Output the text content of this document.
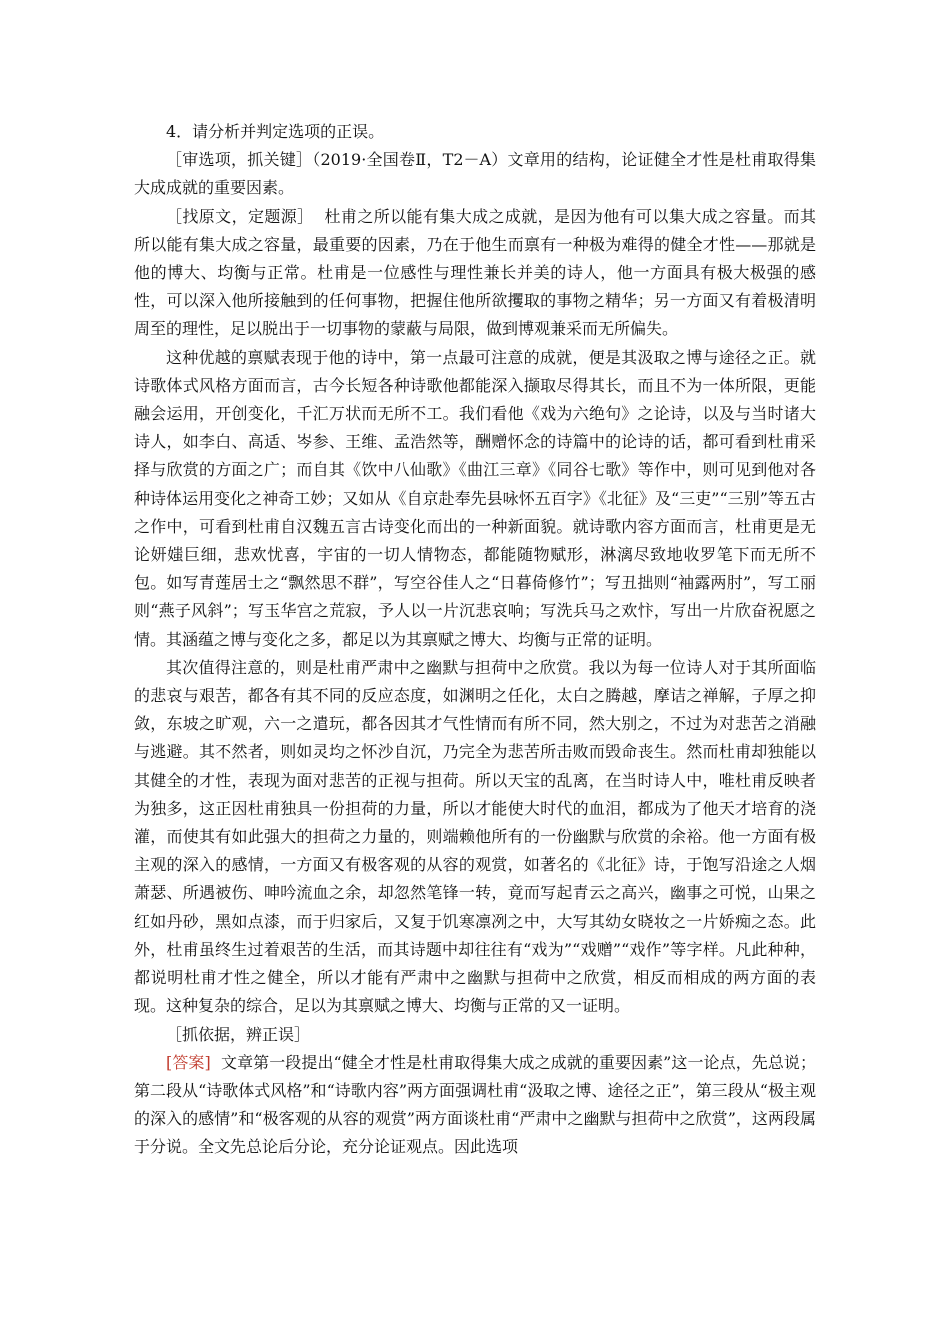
4．请分析并判定选项的正误。

［审选项，抓关键］（2019·全国卷Ⅱ，T2－A）文章用的结构，论证健全才性是杜甫取得集大成成就的重要因素。

［找原文，定题源］ 杜甫之所以能有集大成之成就，是因为他有可以集大成之容量。而其所以能有集大成之容量，最重要的因素，乃在于他生而禀有一种极为难得的健全才性——那就是他的博大、均衡与正常。杜甫是一位感性与理性兼长并美的诗人，他一方面具有极大极强的感性，可以深入他所接触到的任何事物，把握住他所欲攫取的事物之精华；另一方面又有着极清明周至的理性，足以脱出于一切事物的蒙蔽与局限，做到博观兼采而无所偏失。

这种优越的禀赋表现于他的诗中，第一点最可注意的成就，便是其汲取之博与途径之正。就诗歌体式风格方面而言，古今长短各种诗歌他都能深入撷取尽得其长，而且不为一体所限，更能融会运用，开创变化，千汇万状而无所不工。我们看他《戏为六绝句》之论诗，以及与当时诸大诗人，如李白、高适、岑参、王维、孟浩然等，酬赠怀念的诗篇中的论诗的话，都可看到杜甫采择与欣赏的方面之广；而自其《饮中八仙歌》《曲江三章》《同谷七歌》等作中，则可见到他对各种诗体运用变化之神奇工妙；又如从《自京赴奉先县咏怀五百字》《北征》及“三吏”“三别”等五古之作中，可看到杜甫自汉魏五言古诗变化而出的一种新面貌。就诗歌内容方面而言，杜甫更是无论妍媸巨细，悲欢忧喜，宇宙的一切人情物态，都能随物赋形，淋漓尽致地收罗笔下而无所不包。如写青莲居士之“飘然思不群”，写空谷佳人之“日暮倚修竹”；写丑拙则“袖露两肘”，写工丽则“燕子风斜”；写玉华宫之荒寂，予人以一片沉悲哀响；写洗兵马之欢忭，写出一片欣奋祝愿之情。其涵蕴之博与变化之多，都足以为其禀赋之博大、均衡与正常的证明。

其次值得注意的，则是杜甫严肃中之幽默与担荷中之欣赏。我以为每一位诗人对于其所面临的悲哀与艰苦，都各有其不同的反应态度，如渊明之任化，太白之腾越，摩诘之禅解，子厚之抑敛，东坡之旷观，六一之遣玩，都各因其才气性情而有所不同，然大别之，不过为对悲苦之消融与逃避。其不然者，则如灵均之怀沙自沉，乃完全为悲苦所击败而毁命丧生。然而杜甫却独能以其健全的才性，表现为面对悲苦的正视与担荷。所以天宝的乱离，在当时诗人中，唯杜甫反映者为独多，这正因杜甫独具一份担荷的力量，所以才能使大时代的血泪，都成为了他天才培育的浇灌，而使其有如此强大的担荷之力量的，则端赖他所有的一份幽默与欣赏的余裕。他一方面有极主观的深入的感情，一方面又有极客观的从容的观赏，如著名的《北征》诗，于饱写沿途之人烟萧瑟、所遇被伤、呻吟流血之余，却忽然笔锋一转，竟而写起青云之高兴，幽事之可悦，山果之红如丹砂，黑如点漆，而于归家后，又复于饥寒凛冽之中，大写其幼女晓妆之一片娇痴之态。此外，杜甫虽终生过着艰苦的生活，而其诗题中却往往有“戏为”“戏赠”“戏作”等字样。凡此种种，都说明杜甫才性之健全，所以才能有严肃中之幽默与担荷中之欣赏，相反而相成的两方面的表现。这种复杂的综合，足以为其禀赋之博大、均衡与正常的又一证明。

［抓依据，辨正误］

[答案] 文章第一段提出“健全才性是杜甫取得集大成之成就的重要因素”这一论点，先总说；第二段从“诗歌体式风格”和“诗歌内容”两方面强调杜甫“汲取之博、途径之正”，第三段从“极主观的深入的感情”和“极客观的从容的观赏”两方面谈杜甫“严肃中之幽默与担荷中之欣赏”，这两段属于分说。全文先总论后分论，充分论证观点。因此选项
